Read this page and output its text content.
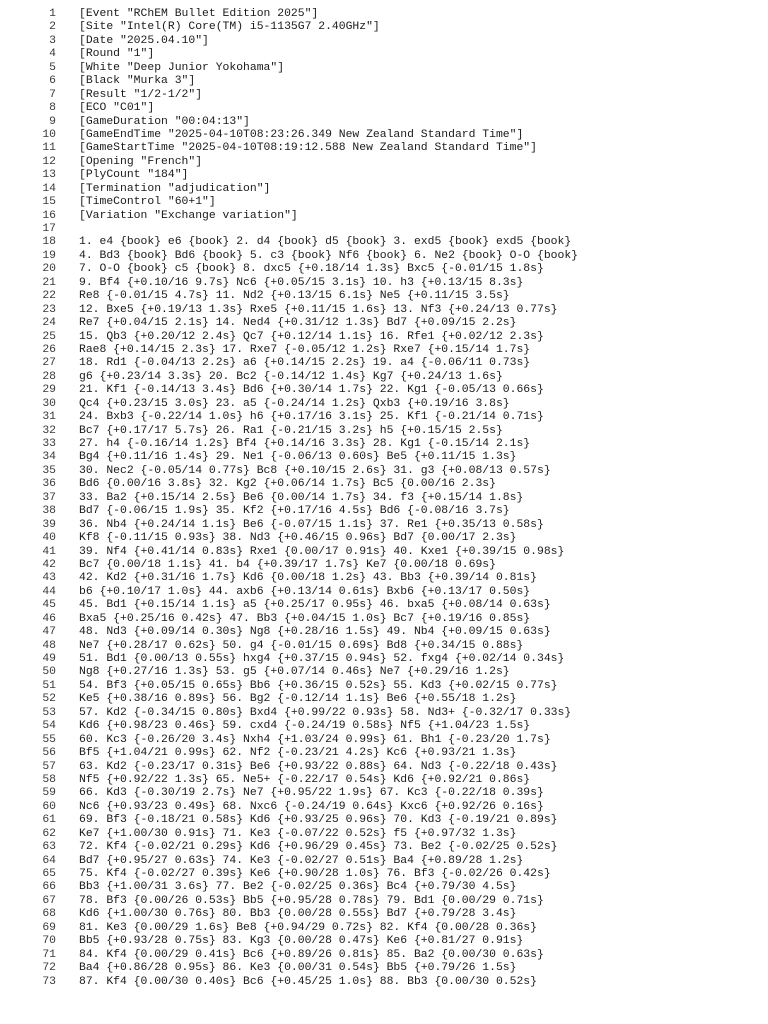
1	[Event "RChEM Bullet Edition 2025"]
2	[Site "Intel(R) Core(TM) i5-1135G7 2.40GHz"]
3	[Date "2025.04.10"]
4	[Round "1"]
5	[White "Deep Junior Yokohama"]
6	[Black "Murka 3"]
7	[Result "1/2-1/2"]
8	[ECO "C01"]
9	[GameDuration "00:04:13"]
10	[GameEndTime "2025-04-10T08:23:26.349 New Zealand Standard Time"]
11	[GameStartTime "2025-04-10T08:19:12.588 New Zealand Standard Time"]
12	[Opening "French"]
13	[PlyCount "184"]
14	[Termination "adjudication"]
15	[TimeControl "60+1"]
16	[Variation "Exchange variation"]
17
18	1. e4 {book} e6 {book} 2. d4 {book} d5 {book} 3. exd5 {book} exd5 {book}
19	4. Bd3 {book} Bd6 {book} 5. c3 {book} Nf6 {book} 6. Ne2 {book} O-O {book}
20	7. O-O {book} c5 {book} 8. dxc5 {+0.18/14 1.3s} Bxc5 {-0.01/15 1.8s}
21	9. Bf4 {+0.10/16 9.7s} Nc6 {+0.05/15 3.1s} 10. h3 {+0.13/15 8.3s}
22	Re8 {-0.01/15 4.7s} 11. Nd2 {+0.13/15 6.1s} Ne5 {+0.11/15 3.5s}
23	12. Bxe5 {+0.19/13 1.3s} Rxe5 {+0.11/15 1.6s} 13. Nf3 {+0.24/13 0.77s}
24	Re7 {+0.04/15 2.1s} 14. Ned4 {+0.31/12 1.3s} Bd7 {+0.09/15 2.2s}
25	15. Qb3 {+0.20/12 2.4s} Qc7 {+0.12/14 1.1s} 16. Rfe1 {+0.02/12 2.3s}
26	Rae8 {+0.14/15 2.3s} 17. Rxe7 {-0.05/12 1.2s} Rxe7 {+0.15/14 1.7s}
27	18. Rd1 {-0.04/13 2.2s} a6 {+0.14/15 2.2s} 19. a4 {-0.06/11 0.73s}
28	g6 {+0.23/14 3.3s} 20. Bc2 {-0.14/12 1.4s} Kg7 {+0.24/13 1.6s}
29	21. Kf1 {-0.14/13 3.4s} Bd6 {+0.30/14 1.7s} 22. Kg1 {-0.05/13 0.66s}
30	Qc4 {+0.23/15 3.0s} 23. a5 {-0.24/14 1.2s} Qxb3 {+0.19/16 3.8s}
31	24. Bxb3 {-0.22/14 1.0s} h6 {+0.17/16 3.1s} 25. Kf1 {-0.21/14 0.71s}
32	Bc7 {+0.17/17 5.7s} 26. Ra1 {-0.21/15 3.2s} h5 {+0.15/15 2.5s}
33	27. h4 {-0.16/14 1.2s} Bf4 {+0.14/16 3.3s} 28. Kg1 {-0.15/14 2.1s}
34	Bg4 {+0.11/16 1.4s} 29. Ne1 {-0.06/13 0.60s} Be5 {+0.11/15 1.3s}
35	30. Nec2 {-0.05/14 0.77s} Bc8 {+0.10/15 2.6s} 31. g3 {+0.08/13 0.57s}
36	Bd6 {0.00/16 3.8s} 32. Kg2 {+0.06/14 1.7s} Bc5 {0.00/16 2.3s}
37	33. Ba2 {+0.15/14 2.5s} Be6 {0.00/14 1.7s} 34. f3 {+0.15/14 1.8s}
38	Bd7 {-0.06/15 1.9s} 35. Kf2 {+0.17/16 4.5s} Bd6 {-0.08/16 3.7s}
39	36. Nb4 {+0.24/14 1.1s} Be6 {-0.07/15 1.1s} 37. Re1 {+0.35/13 0.58s}
40	Kf8 {-0.11/15 0.93s} 38. Nd3 {+0.46/15 0.96s} Bd7 {0.00/17 2.3s}
41	39. Nf4 {+0.41/14 0.83s} Rxe1 {0.00/17 0.91s} 40. Kxe1 {+0.39/15 0.98s}
42	Bc7 {0.00/18 1.1s} 41. b4 {+0.39/17 1.7s} Ke7 {0.00/18 0.69s}
43	42. Kd2 {+0.31/16 1.7s} Kd6 {0.00/18 1.2s} 43. Bb3 {+0.39/14 0.81s}
44	b6 {+0.10/17 1.0s} 44. axb6 {+0.13/14 0.61s} Bxb6 {+0.13/17 0.50s}
45	45. Bd1 {+0.15/14 1.1s} a5 {+0.25/17 0.95s} 46. bxa5 {+0.08/14 0.63s}
46	Bxa5 {+0.25/16 0.42s} 47. Bb3 {+0.04/15 1.0s} Bc7 {+0.19/16 0.85s}
47	48. Nd3 {+0.09/14 0.30s} Ng8 {+0.28/16 1.5s} 49. Nb4 {+0.09/15 0.63s}
48	Ne7 {+0.28/17 0.62s} 50. g4 {-0.01/15 0.69s} Bd8 {+0.34/15 0.88s}
49	51. Bd1 {0.00/13 0.55s} hxg4 {+0.37/15 0.94s} 52. fxg4 {+0.02/14 0.34s}
50	Ng8 {+0.27/16 1.3s} 53. g5 {+0.07/14 0.46s} Ne7 {+0.29/16 1.2s}
51	54. Bf3 {+0.05/15 0.65s} Bb6 {+0.36/15 0.52s} 55. Kd3 {+0.02/15 0.77s}
52	Ke5 {+0.38/16 0.89s} 56. Bg2 {-0.12/14 1.1s} Be6 {+0.55/18 1.2s}
53	57. Kd2 {-0.34/15 0.80s} Bxd4 {+0.99/22 0.93s} 58. Nd3+ {-0.32/17 0.33s}
54	Kd6 {+0.98/23 0.46s} 59. cxd4 {-0.24/19 0.58s} Nf5 {+1.04/23 1.5s}
55	60. Kc3 {-0.26/20 3.4s} Nxh4 {+1.03/24 0.99s} 61. Bh1 {-0.23/20 1.7s}
56	Bf5 {+1.04/21 0.99s} 62. Nf2 {-0.23/21 4.2s} Kc6 {+0.93/21 1.3s}
57	63. Kd2 {-0.23/17 0.31s} Be6 {+0.93/22 0.88s} 64. Nd3 {-0.22/18 0.43s}
58	Nf5 {+0.92/22 1.3s} 65. Ne5+ {-0.22/17 0.54s} Kd6 {+0.92/21 0.86s}
59	66. Kd3 {-0.30/19 2.7s} Ne7 {+0.95/22 1.9s} 67. Kc3 {-0.22/18 0.39s}
60	Nc6 {+0.93/23 0.49s} 68. Nxc6 {-0.24/19 0.64s} Kxc6 {+0.92/26 0.16s}
61	69. Bf3 {-0.18/21 0.58s} Kd6 {+0.93/25 0.96s} 70. Kd3 {-0.19/21 0.89s}
62	Ke7 {+1.00/30 0.91s} 71. Ke3 {-0.07/22 0.52s} f5 {+0.97/32 1.3s}
63	72. Kf4 {-0.02/21 0.29s} Kd6 {+0.96/29 0.45s} 73. Be2 {-0.02/25 0.52s}
64	Bd7 {+0.95/27 0.63s} 74. Ke3 {-0.02/27 0.51s} Ba4 {+0.89/28 1.2s}
65	75. Kf4 {-0.02/27 0.39s} Ke6 {+0.90/28 1.0s} 76. Bf3 {-0.02/26 0.42s}
66	Bb3 {+1.00/31 3.6s} 77. Be2 {-0.02/25 0.36s} Bc4 {+0.79/30 4.5s}
67	78. Bf3 {0.00/26 0.53s} Bb5 {+0.95/28 0.78s} 79. Bd1 {0.00/29 0.71s}
68	Kd6 {+1.00/30 0.76s} 80. Bb3 {0.00/28 0.55s} Bd7 {+0.79/28 3.4s}
69	81. Ke3 {0.00/29 1.6s} Be8 {+0.94/29 0.72s} 82. Kf4 {0.00/28 0.36s}
70	Bb5 {+0.93/28 0.75s} 83. Kg3 {0.00/28 0.47s} Ke6 {+0.81/27 0.91s}
71	84. Kf4 {0.00/29 0.41s} Bc6 {+0.89/26 0.81s} 85. Ba2 {0.00/30 0.63s}
72	Ba4 {+0.86/28 0.95s} 86. Ke3 {0.00/31 0.54s} Bb5 {+0.79/26 1.5s}
73	87. Kf4 {0.00/30 0.40s} Bc6 {+0.45/25 1.0s} 88. Bb3 {0.00/30 0.52s}
